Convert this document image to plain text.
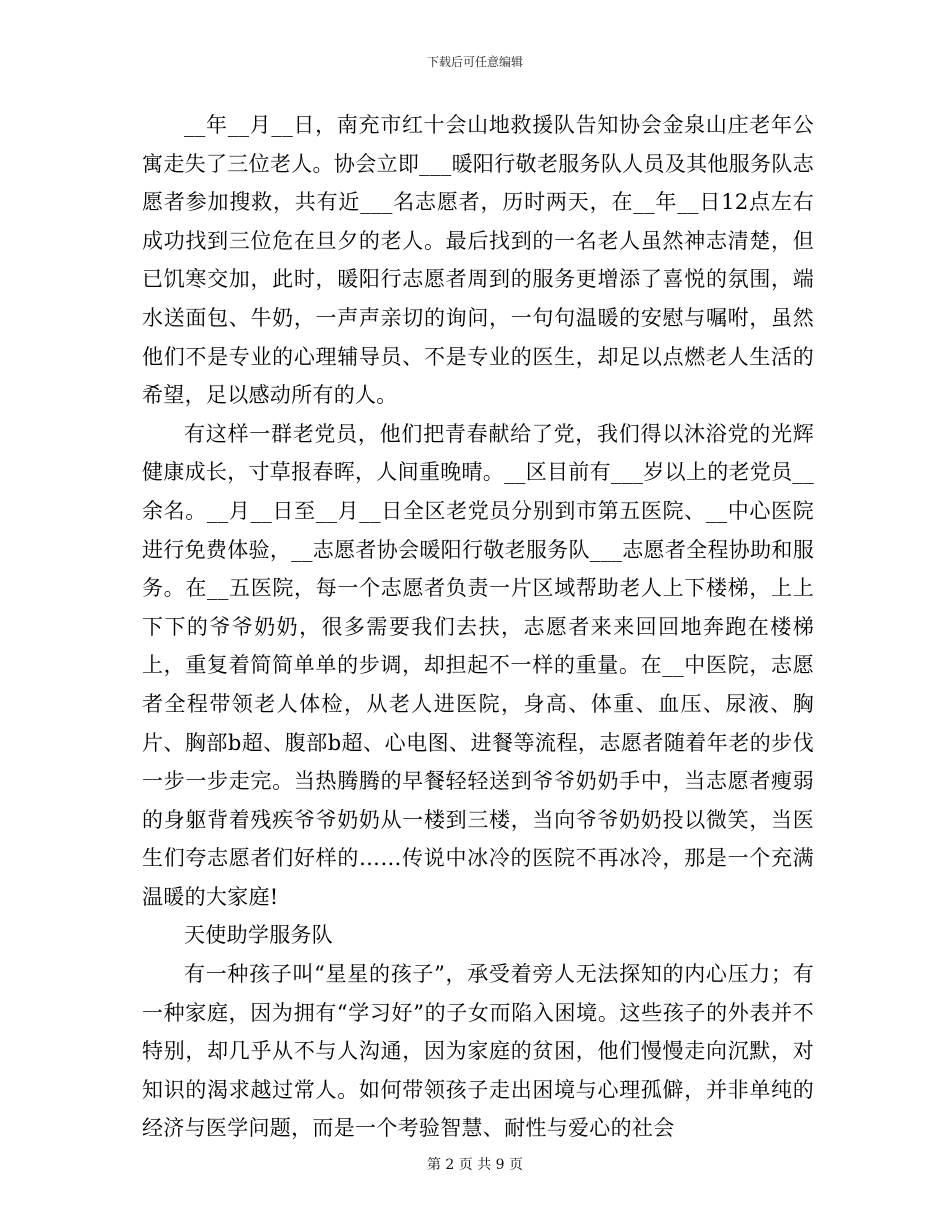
下载后可任意编辑

__年__月__日，南充市红十会山地救援队告知协会金泉山庄老年公寓走失了三位老人。协会立即___暖阳行敬老服务队人员及其他服务队志愿者参加搜救，共有近___名志愿者，历时两天，在__年__日12点左右成功找到三位危在旦夕的老人。最后找到的一名老人虽然神志清楚，但已饥寒交加，此时，暖阳行志愿者周到的服务更增添了喜悦的氛围，端水送面包、牛奶，一声声亲切的询问，一句句温暖的安慰与嘱咐，虽然他们不是专业的心理辅导员、不是专业的医生，却足以点燃老人生活的希望，足以感动所有的人。

有这样一群老党员，他们把青春献给了党，我们得以沐浴党的光辉健康成长，寸草报春晖，人间重晚晴。__区目前有___岁以上的老党员__余名。__月__日至__月__日全区老党员分别到市第五医院、__中心医院进行免费体验，__志愿者协会暖阳行敬老服务队___志愿者全程协助和服务。在__五医院，每一个志愿者负责一片区域帮助老人上下楼梯，上上下下的爷爷奶奶，很多需要我们去扶，志愿者来来回回地奔跑在楼梯上，重复着简简单单的步调，却担起不一样的重量。在__中医院，志愿者全程带领老人体检，从老人进医院，身高、体重、血压、尿液、胸片、胸部b超、腹部b超、心电图、进餐等流程，志愿者随着年老的步伐一步一步走完。当热腾腾的早餐轻轻送到爷爷奶奶手中，当志愿者瘦弱的身躯背着残疾爷爷奶奶从一楼到三楼，当向爷爷奶奶投以微笑，当医生们夸志愿者们好样的……传说中冰冷的医院不再冰冷，那是一个充满温暖的大家庭!

天使助学服务队

有一种孩子叫“星星的孩子”，承受着旁人无法探知的内心压力；有一种家庭，因为拥有“学习好”的子女而陷入困境。这些孩子的外表并不特别，却几乎从不与人沟通，因为家庭的贫困，他们慢慢走向沉默，对知识的渴求越过常人。如何带领孩子走出困境与心理孤僻，并非单纯的经济与医学问题，而是一个考验智慧、耐性与爱心的社会

第 2 页 共 9 页
